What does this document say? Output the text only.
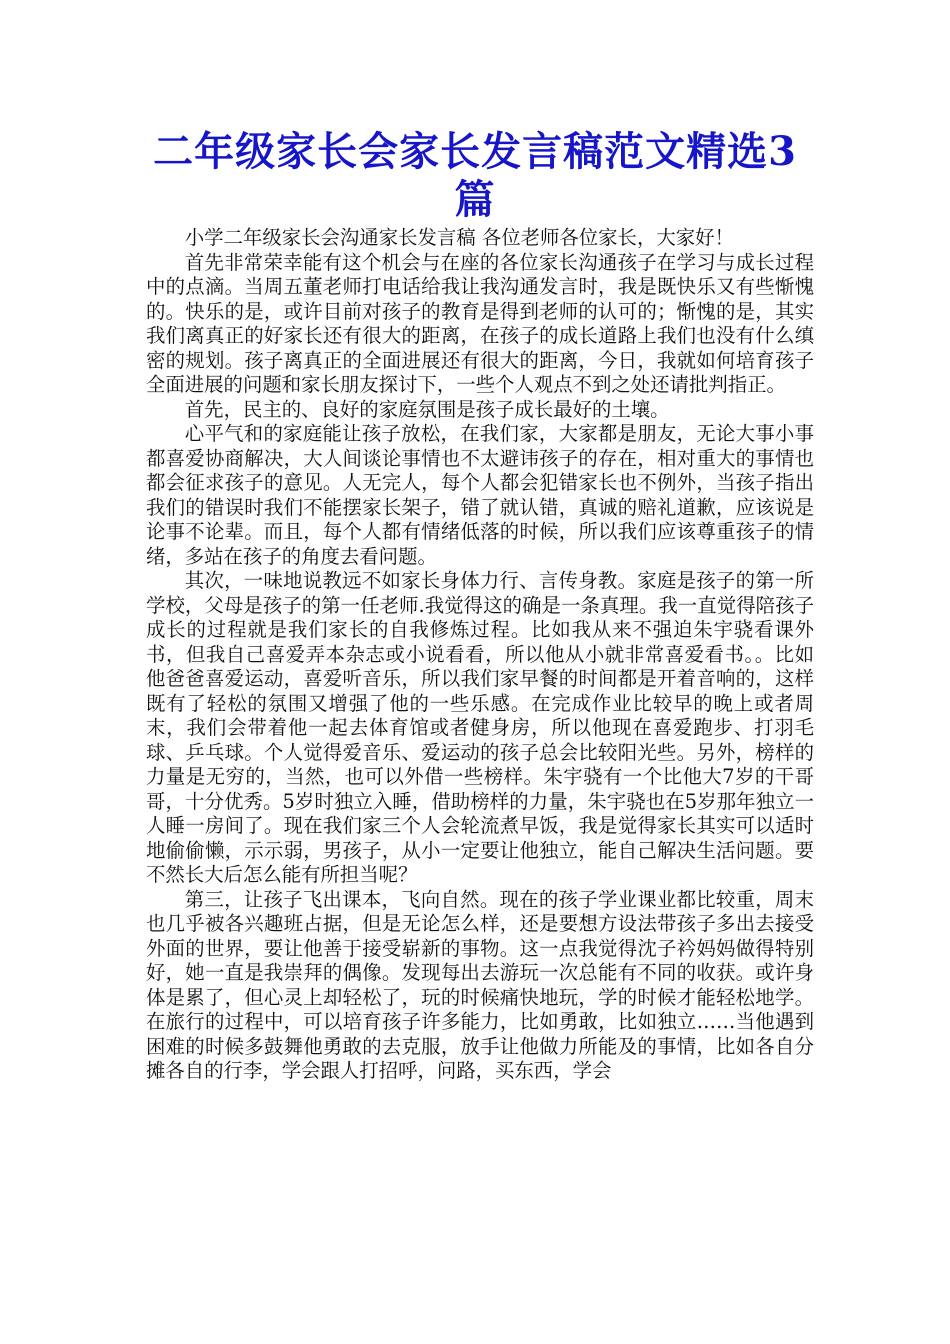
二年级家长会家长发言稿范文精选3篇

小学二年级家长会沟通家长发言稿 各位老师各位家长，大家好！

首先非常荣幸能有这个机会与在座的各位家长沟通孩子在学习与成长过程中的点滴。当周五董老师打电话给我让我沟通发言时，我是既快乐又有些惭愧的。快乐的是，或许目前对孩子的教育是得到老师的认可的；惭愧的是，其实我们离真正的好家长还有很大的距离，在孩子的成长道路上我们也没有什么缜密的规划。孩子离真正的全面进展还有很大的距离，今日，我就如何培育孩子全面进展的问题和家长朋友探讨下，一些个人观点不到之处还请批判指正。

首先，民主的、良好的家庭氛围是孩子成长最好的土壤。

心平气和的家庭能让孩子放松，在我们家，大家都是朋友，无论大事小事都喜爱协商解决，大人间谈论事情也不太避讳孩子的存在，相对重大的事情也都会征求孩子的意见。人无完人，每个人都会犯错家长也不例外，当孩子指出我们的错误时我们不能摆家长架子，错了就认错，真诚的赔礼道歉，应该说是论事不论辈。而且，每个人都有情绪低落的时候，所以我们应该尊重孩子的情绪，多站在孩子的角度去看问题。

其次，一味地说教远不如家长身体力行、言传身教。家庭是孩子的第一所学校，父母是孩子的第一任老师.我觉得这的确是一条真理。我一直觉得陪孩子成长的过程就是我们家长的自我修炼过程。比如我从来不强迫朱宇骁看课外书，但我自己喜爱弄本杂志或小说看看，所以他从小就非常喜爱看书。。比如他爸爸喜爱运动，喜爱听音乐，所以我们家早餐的时间都是开着音响的，这样既有了轻松的氛围又增强了他的一些乐感。在完成作业比较早的晚上或者周末，我们会带着他一起去体育馆或者健身房，所以他现在喜爱跑步、打羽毛球、乒乓球。个人觉得爱音乐、爱运动的孩子总会比较阳光些。另外，榜样的力量是无穷的，当然，也可以外借一些榜样。朱宇骁有一个比他大7岁的干哥哥，十分优秀。5岁时独立入睡，借助榜样的力量，朱宇骁也在5岁那年独立一人睡一房间了。现在我们家三个人会轮流煮早饭，我是觉得家长其实可以适时地偷偷懒，示示弱，男孩子，从小一定要让他独立，能自己解决生活问题。要不然长大后怎么能有所担当呢？

第三，让孩子飞出课本，飞向自然。现在的孩子学业课业都比较重，周末也几乎被各兴趣班占据，但是无论怎么样，还是要想方设法带孩子多出去接受外面的世界，要让他善于接受崭新的事物。这一点我觉得沈子衿妈妈做得特别好，她一直是我崇拜的偶像。发现每出去游玩一次总能有不同的收获。或许身体是累了，但心灵上却轻松了，玩的时候痛快地玩，学的时候才能轻松地学。在旅行的过程中，可以培育孩子许多能力，比如勇敢，比如独立……当他遇到困难的时候多鼓舞他勇敢的去克服，放手让他做力所能及的事情，比如各自分摊各自的行李，学会跟人打招呼，问路，买东西，学会
